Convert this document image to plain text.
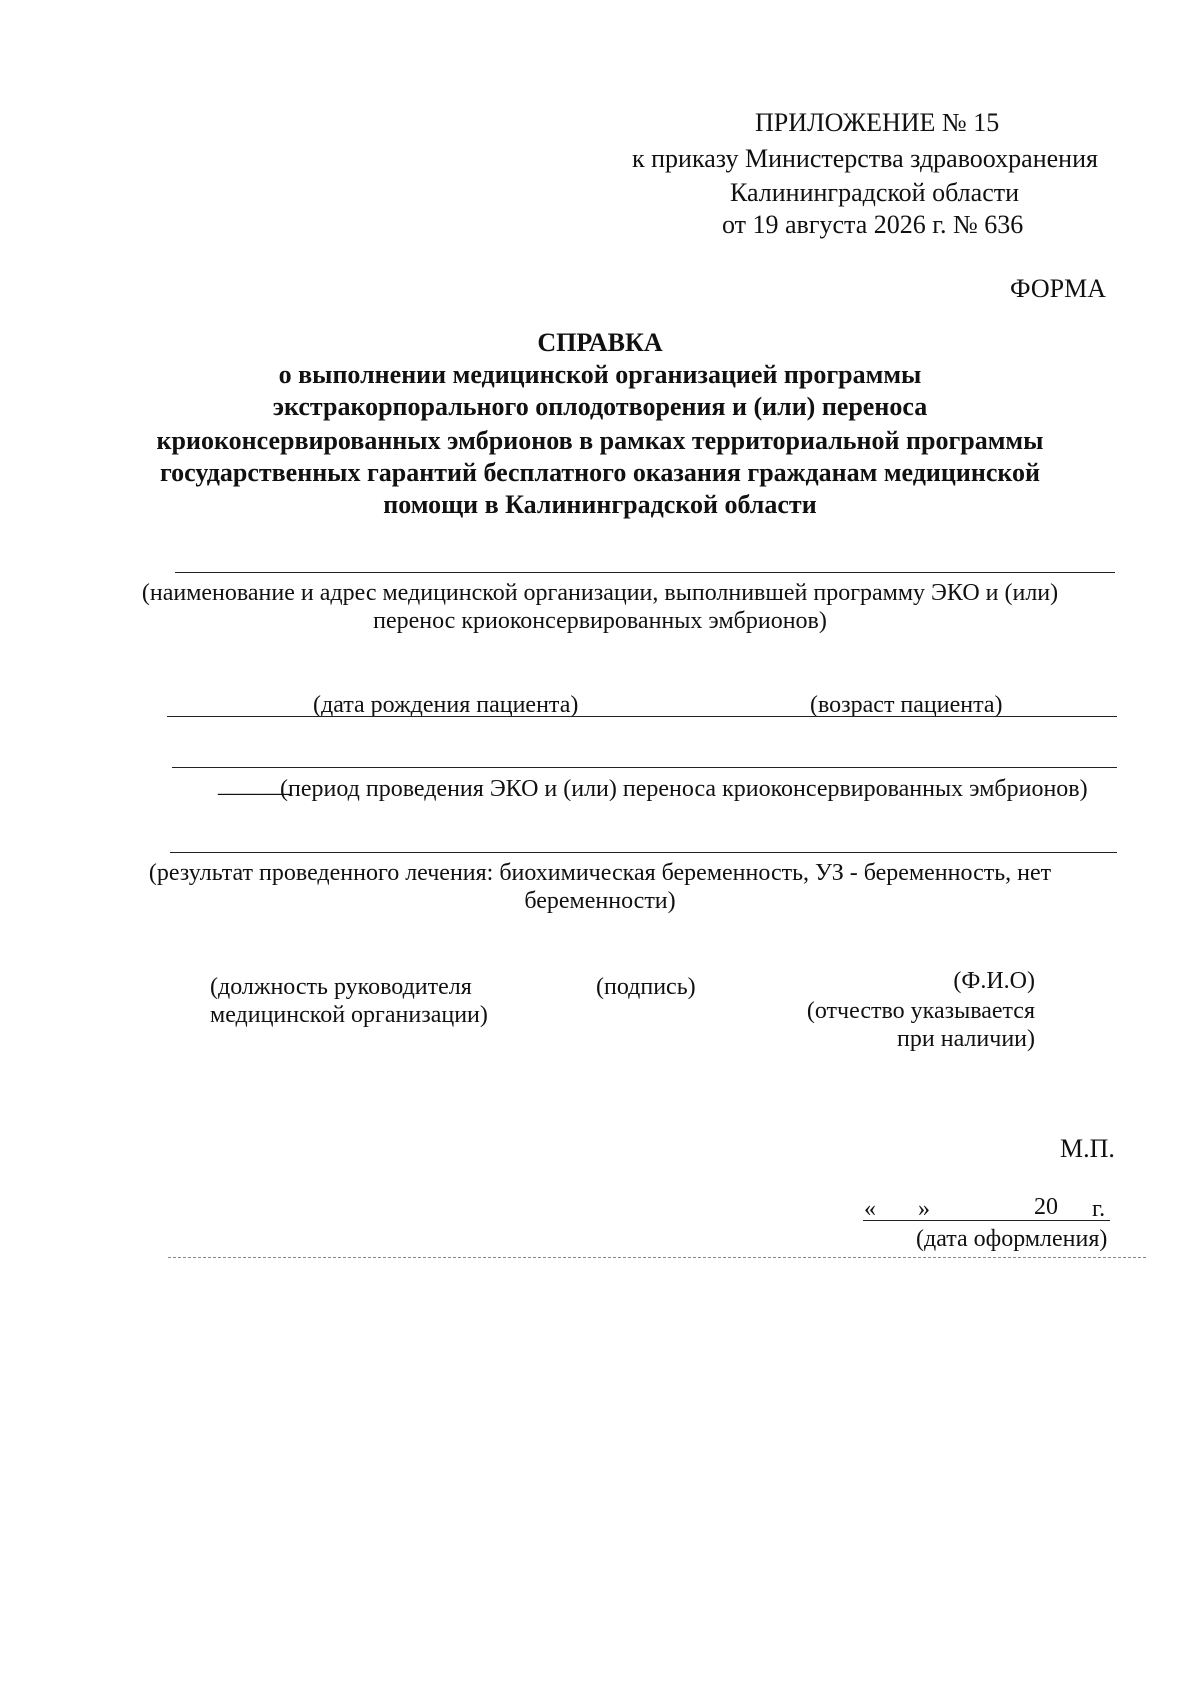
ПРИЛОЖЕНИЕ № 15
к приказу Министерства здравоохранения
Калининградской области
от 19 августа 2026 г. № 636
ФОРМА
СПРАВКА
о выполнении медицинской организацией программы
экстракорпорального оплодотворения и (или) переноса
криоконсервированных эмбрионов в рамках территориальной программы
государственных гарантий бесплатного оказания гражданам медицинской
помощи в Калининградской области
(наименование и адрес медицинской организации, выполнившей программу ЭКО и (или)
перенос криоконсервированных эмбрионов)
(дата рождения пациента)	(возраст пациента)
______
(период проведения ЭКО и (или) переноса криоконсервированных эмбрионов)
(результат проведенного лечения: биохимическая беременность, УЗ - беременность, нет
беременности)
(должность руководителя
медицинской организации)
(подпись)	(Ф.И.О)
(отчество указывается
при наличии)
М.П.
« »	20 г.
(дата оформления)
